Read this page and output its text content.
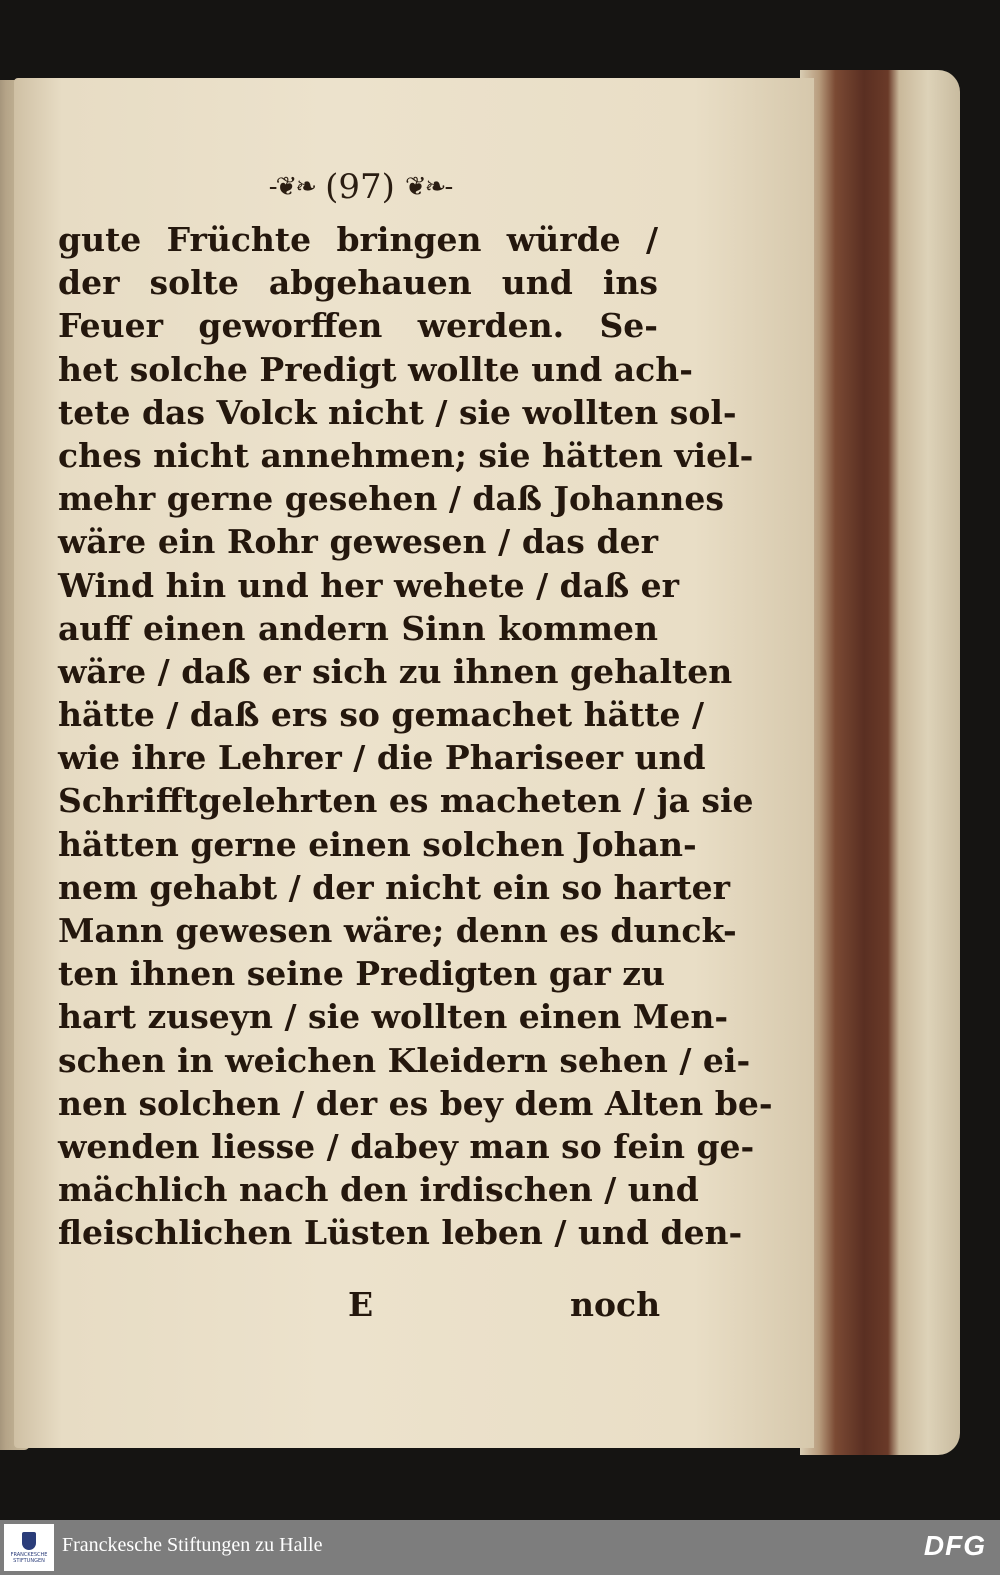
-❦❧ (97) ❦❧-
gute Früchte bringen würde /
der solte abgehauen und ins
Feuer geworffen werden. Se-
het solche Predigt wollte und ach-
tete das Volck nicht / sie wollten sol-
ches nicht annehmen; sie hätten viel-
mehr gerne gesehen / daß Johannes
wäre ein Rohr gewesen / das der
Wind hin und her wehete / daß er
auff einen andern Sinn kommen
wäre / daß er sich zu ihnen gehalten
hätte / daß ers so gemachet hätte /
wie ihre Lehrer / die Phariseer und
Schrifftgelehrten es macheten / ja sie
hätten gerne einen solchen Johan-
nem gehabt / der nicht ein so harter
Mann gewesen wäre; denn es dunck-
ten ihnen seine Predigten gar zu
hart zuseyn / sie wollten einen Men-
schen in weichen Kleidern sehen / ei-
nen solchen / der es bey dem Alten be-
wenden liesse / dabey man so fein ge-
mächlich nach den irdischen / und
fleischlichen Lüsten leben / und den-
E	noch
FRANCKESCHE STIFTUNGEN
Franckesche Stiftungen zu Halle	DFG
